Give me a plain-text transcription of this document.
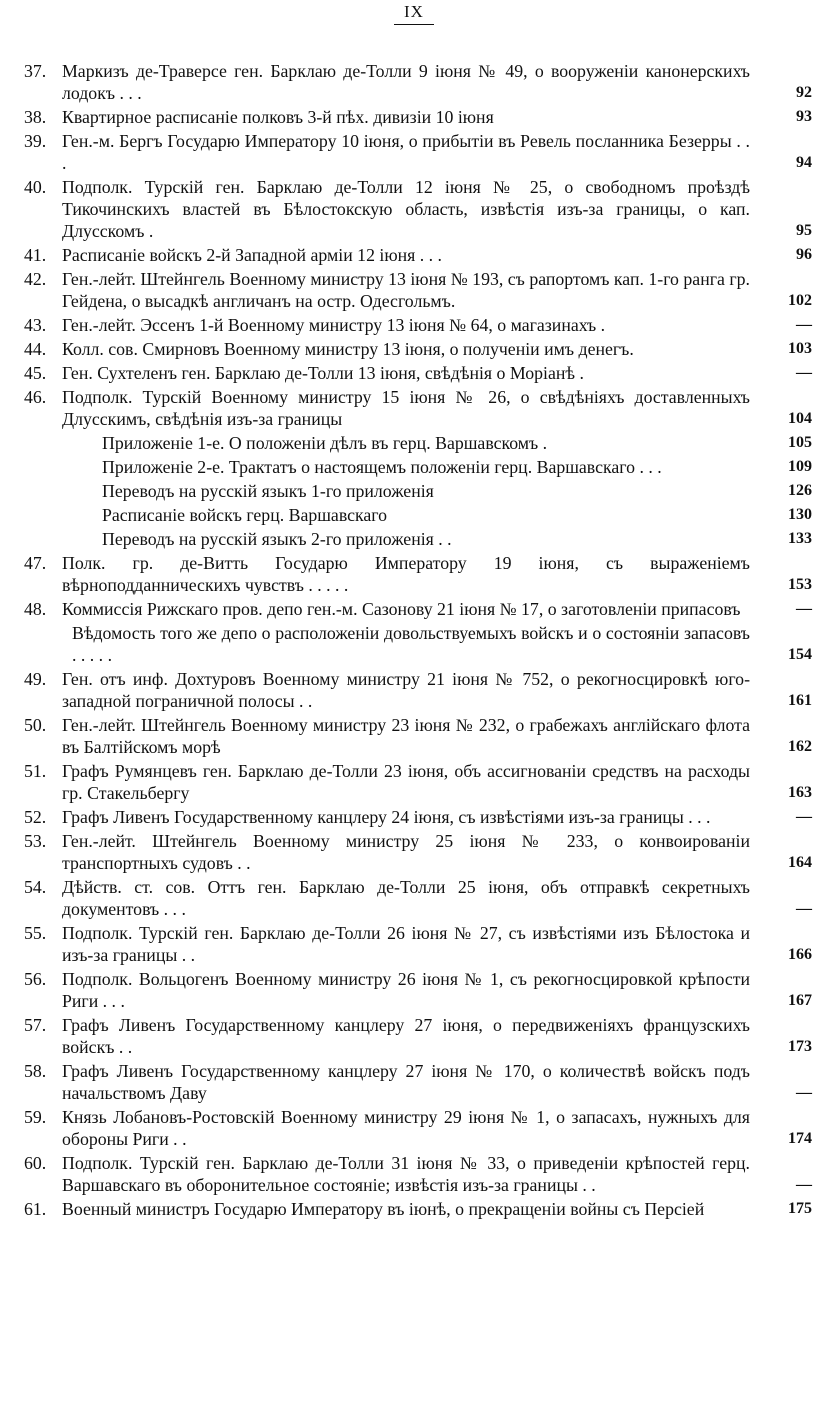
IX
37. Маркизъ де-Траверсе ген. Барклаю де-Толли 9 іюня № 49, о вооруженіи канонерскихъ лодокъ . . .	92
38. Квартирное расписаніе полковъ 3-й пѣх. дивизіи 10 іюня	93
39. Ген.-м. Бергъ Государю Императору 10 іюня, о прибытіи въ Ревель посланника Безерры . . .	94
40. Подполк. Турскій ген. Барклаю де-Толли 12 іюня № 25, о свободномъ проѣздѣ Тикочинскихъ властей въ Бѣлостокскую область, извѣстія изъ-за границы, о кап. Длусскомъ .	95
41. Расписаніе войскъ 2-й Западной арміи 12 іюня . . .	96
42. Ген.-лейт. Штейнгель Военному министру 13 іюня № 193, съ рапортомъ кап. 1-го ранга гр. Гейдена, о высадкѣ англичанъ на остр. Одесгольмъ.	102
43. Ген.-лейт. Эссенъ 1-й Военному министру 13 іюня № 64, о магазинахъ .	—
44. Колл. сов. Смирновъ Военному министру 13 іюня, о полученіи имъ денегъ.	103
45. Ген. Сухтеленъ ген. Барклаю де-Толли 13 іюня, свѣдѣнія о Моріанѣ .	—
46. Подполк. Турскій Военному министру 15 іюня № 26, о свѣдѣніяхъ доставленныхъ Длусскимъ, свѣдѣнія изъ-за границы	104
Приложеніе 1-е. О положеніи дѣлъ въ герц. Варшавскомъ .	105
Приложеніе 2-е. Трактатъ о настоящемъ положеніи герц. Варшавскаго . . .	109
Переводъ на русскій языкъ 1-го приложенія	126
Расписаніе войскъ герц. Варшавскаго	130
Переводъ на русскій языкъ 2-го приложенія . .	133
47. Полк. гр. де-Витть Государю Императору 19 іюня, съ выраженіемъ вѣрноподданническихъ чувствъ . . . . .	153
48. Коммиссія Рижскаго пров. депо ген.-м. Сазонову 21 іюня № 17, о заготовленіи припасовъ	—
Вѣдомость того же депо о расположеніи довольствуемыхъ войскъ и о состояніи запасовъ . . . . .	154
49. Ген. отъ инф. Дохтуровъ Военному министру 21 іюня № 752, о рекогносцировкѣ юго-западной пограничной полосы . .	161
50. Ген.-лейт. Штейнгель Военному министру 23 іюня № 232, о грабежахъ англійскаго флота въ Балтійскомъ морѣ	162
51. Графъ Румянцевъ ген. Барклаю де-Толли 23 іюня, объ ассигнованіи средствъ на расходы гр. Стакельбергу	163
52. Графъ Ливенъ Государственному канцлеру 24 іюня, съ извѣстіями изъ-за границы . . .	—
53. Ген.-лейт. Штейнгель Военному министру 25 іюня № 233, о конвоированіи транспортныхъ судовъ . .	164
54. Дѣйств. ст. сов. Оттъ ген. Барклаю де-Толли 25 іюня, объ отправкѣ секретныхъ документовъ . . .	—
55. Подполк. Турскій ген. Барклаю де-Толли 26 іюня № 27, съ извѣстіями изъ Бѣлостока и изъ-за границы . .	166
56. Подполк. Вольцогенъ Военному министру 26 іюня № 1, съ рекогносцировкой крѣпости Риги . . .	167
57. Графъ Ливенъ Государственному канцлеру 27 іюня, о передвиженіяхъ французскихъ войскъ . .	173
58. Графъ Ливенъ Государственному канцлеру 27 іюня № 170, о количествѣ войскъ подъ начальствомъ Даву	—
59. Князь Лобановъ-Ростовскій Военному министру 29 іюня № 1, о запасахъ, нужныхъ для обороны Риги . .	174
60. Подполк. Турскій ген. Барклаю де-Толли 31 іюня № 33, о приведеніи крѣпостей герц. Варшавскаго въ оборонительное состояніе; извѣстія изъ-за границы . .	—
61. Военный министръ Государю Императору въ іюнѣ, о прекращеніи войны съ Персіей	175
